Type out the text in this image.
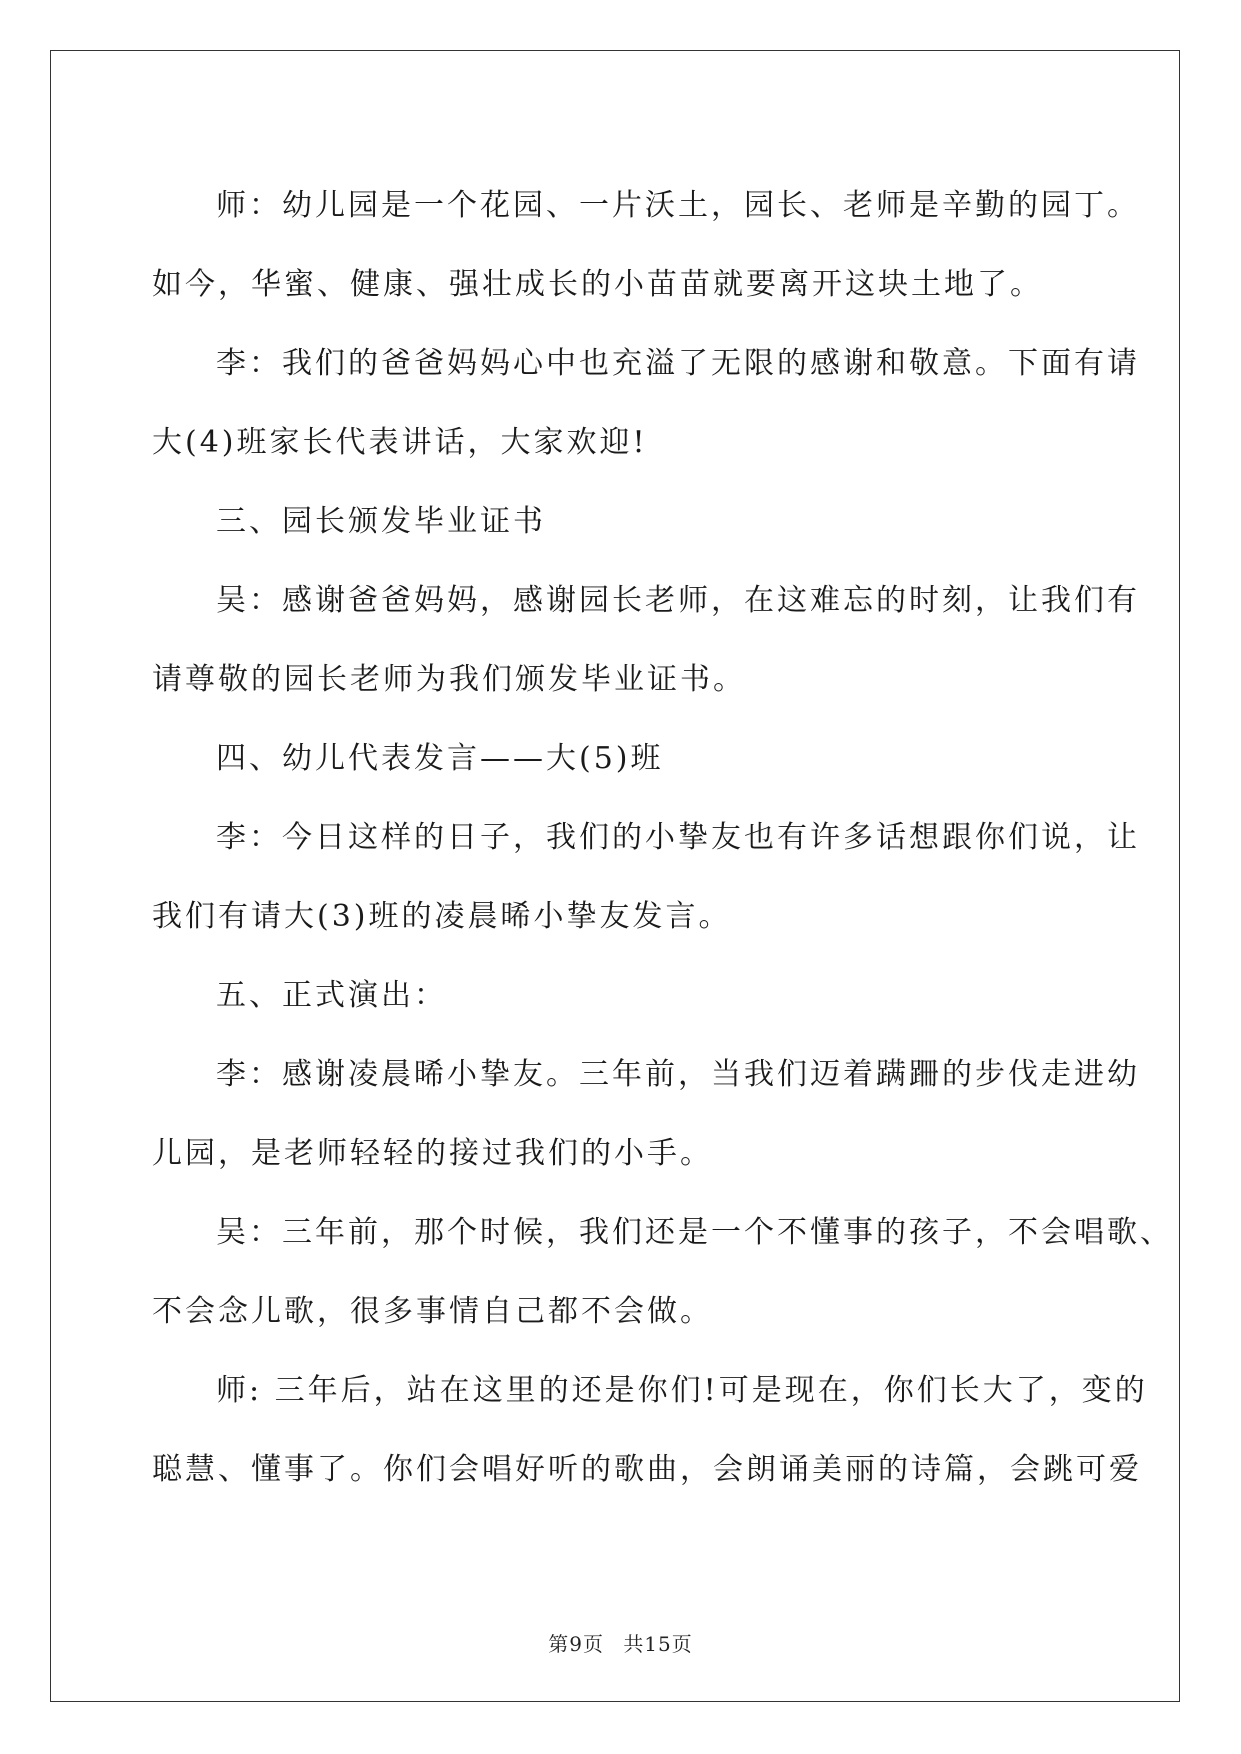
师：幼儿园是一个花园、一片沃土，园长、老师是辛勤的园丁。
如今，华蜜、健康、强壮成长的小苗苗就要离开这块土地了。
李：我们的爸爸妈妈心中也充溢了无限的感谢和敬意。下面有请
大(4)班家长代表讲话，大家欢迎!
三、园长颁发毕业证书
吴：感谢爸爸妈妈，感谢园长老师，在这难忘的时刻，让我们有
请尊敬的园长老师为我们颁发毕业证书。
四、幼儿代表发言——大(5)班
李：今日这样的日子，我们的小挚友也有许多话想跟你们说，让
我们有请大(3)班的凌晨晞小挚友发言。
五、正式演出：
李：感谢凌晨晞小挚友。三年前，当我们迈着蹒跚的步伐走进幼
儿园，是老师轻轻的接过我们的小手。
吴：三年前，那个时候，我们还是一个不懂事的孩子，不会唱歌、
不会念儿歌，很多事情自己都不会做。
师: 三年后，站在这里的还是你们!可是现在，你们长大了，变的
聪慧、懂事了。你们会唱好听的歌曲，会朗诵美丽的诗篇，会跳可爱
第9页 共15页
